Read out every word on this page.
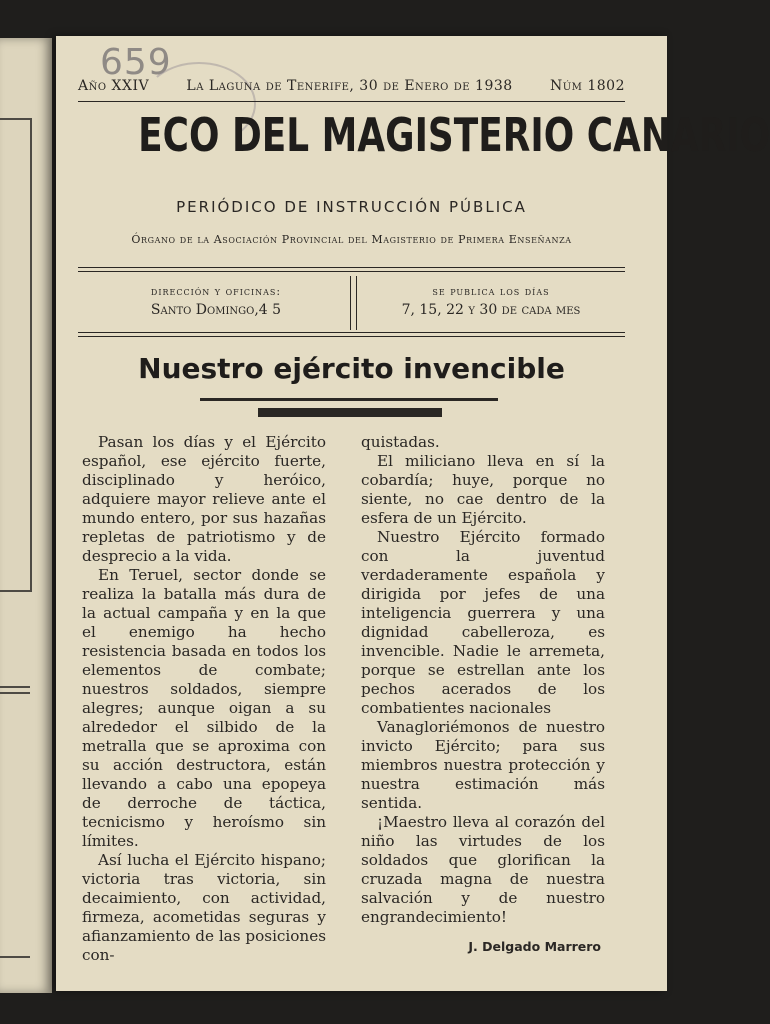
659
Año XXIV	La Laguna de Tenerife, 30 de Enero de 1938	Núm 1802
ECO DEL MAGISTERIO CANARIO
PERIÓDICO DE INSTRUCCIÓN PÚBLICA
Órgano de la Asociación Provincial del Magisterio de Primera Enseñanza
dirección y oficinas:
Santo Domingo,4 5
se publica los días
7, 15, 22 y 30 de cada mes
Nuestro ejército invencible

Pasan los días y el Ejército español, ese ejército fuerte, disciplinado y heróico, adquiere mayor relieve ante el mundo entero, por sus hazañas repletas de patriotismo y de desprecio a la vida.

En Teruel, sector donde se realiza la batalla más dura de la actual campaña y en la que el enemigo ha hecho resistencia basada en todos los elementos de combate; nuestros soldados, siempre alegres; aunque oigan a su alrededor el silbido de la metralla que se aproxima con su acción destructora, están llevando a cabo una epopeya de derroche de táctica, tecnicismo y heroísmo sin límites.

Así lucha el Ejército hispano; victoria tras victoria, sin decaimiento, con actividad, firmeza, acometidas seguras y afianzamiento de las posiciones con-

quistadas.

El miliciano lleva en sí la cobardía; huye, porque no siente, no cae dentro de la esfera de un Ejército.

Nuestro Ejército formado con la juventud verdaderamente española y dirigida por jefes de una inteligencia guerrera y una dignidad cabelleroza, es invencible. Nadie le arremeta, porque se estrellan ante los pechos acerados de los combatientes nacionales

Vanagloriémonos de nuestro invicto Ejército; para sus miembros nuestra protección y nuestra estimación más sentida.

¡Maestro lleva al corazón del niño las virtudes de los soldados que glorifican la cruzada magna de nuestra salvación y de nuestro engrandecimiento!

J. Delgado Marrero
